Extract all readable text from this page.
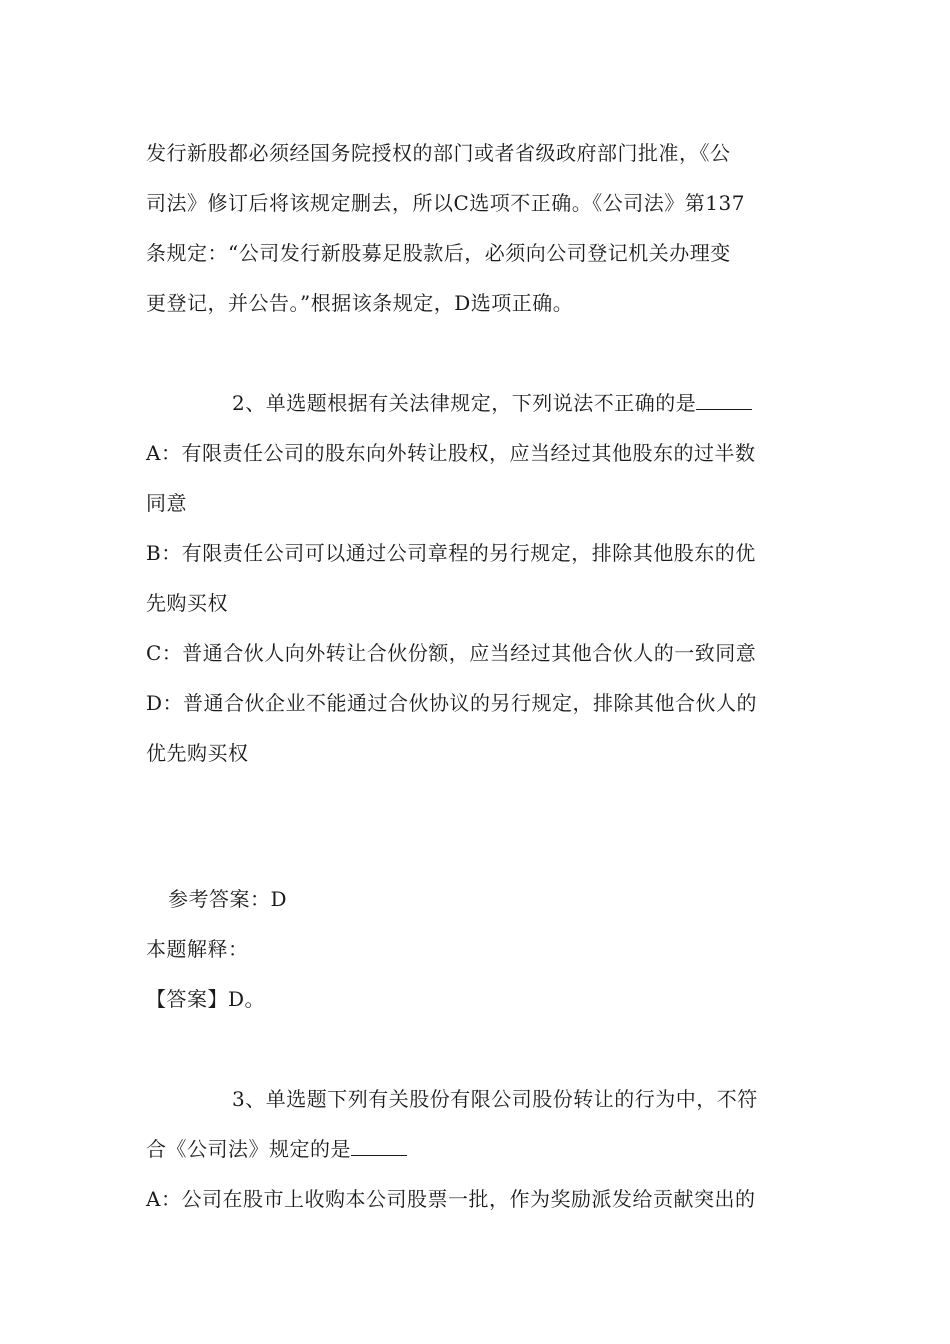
发行新股都必须经国务院授权的部门或者省级政府部门批准，《公
司法》修订后将该规定删去，所以C选项不正确。《公司法》第137
条规定：“公司发行新股募足股款后，必须向公司登记机关办理变
更登记，并公告。”根据该条规定，D选项正确。
2、单选题根据有关法律规定，下列说法不正确的是
A：有限责任公司的股东向外转让股权，应当经过其他股东的过半数
同意
B：有限责任公司可以通过公司章程的另行规定，排除其他股东的优
先购买权
C：普通合伙人向外转让合伙份额，应当经过其他合伙人的一致同意
D：普通合伙企业不能通过合伙协议的另行规定，排除其他合伙人的
优先购买权
参考答案：D
本题解释：
【答案】D。
3、单选题下列有关股份有限公司股份转让的行为中，不符
合《公司法》规定的是
A：公司在股市上收购本公司股票一批，作为奖励派发给贡献突出的
